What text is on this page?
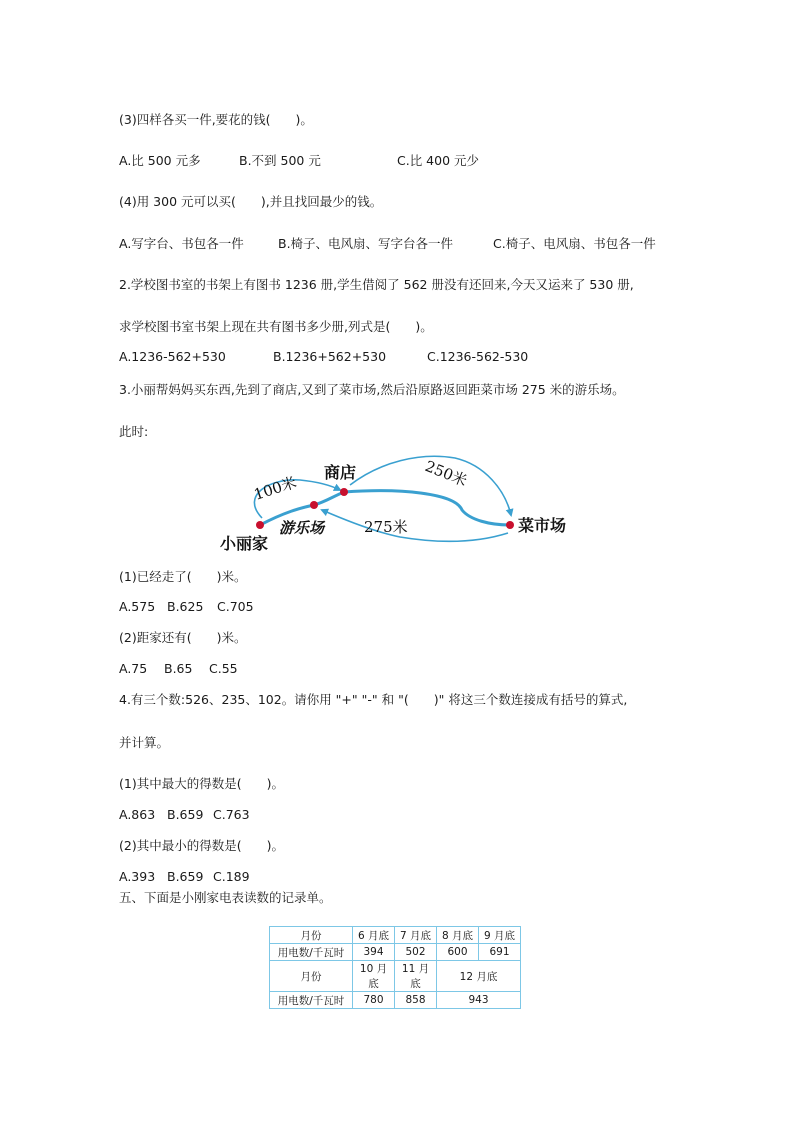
(3)四样各买一件,要花的钱(　　)。
A.比 500 元多	B.不到 500 元	C.比 400 元少
(4)用 300 元可以买(　　),并且找回最少的钱。
A.写字台、书包各一件	B.椅子、电风扇、写字台各一件	C.椅子、电风扇、书包各一件
2.学校图书室的书架上有图书 1236 册,学生借阅了 562 册没有还回来,今天又运来了 530 册,
求学校图书室书架上现在共有图书多少册,列式是(　　)。
A.1236-562+530	B.1236+562+530	C.1236-562-530
3.小丽帮妈妈买东西,先到了商店,又到了菜市场,然后沿原路返回距菜市场 275 米的游乐场。
此时:
小丽家
游乐场
商店
菜市场
100米	250米
275米
(1)已经走了(　　)米。
A.575 B.625 C.705
(2)距家还有(　　)米。
A.75 B.65 C.55
4.有三个数:526、235、102。请你用 "+" "-" 和 "(　　)" 将这三个数连接成有括号的算式,
并计算。
(1)其中最大的得数是(　　)。
A.863 B.659 C.763
(2)其中最小的得数是(　　)。
A.393 B.659 C.189
五、下面是小刚家电表读数的记录单。
月份	6 月底	7 月底	8 月底	9 月底
用电数/千瓦时	394	502	600	691
月份	10 月底	11 月底	12 月底	
用电数/千瓦时	780	858	943	
